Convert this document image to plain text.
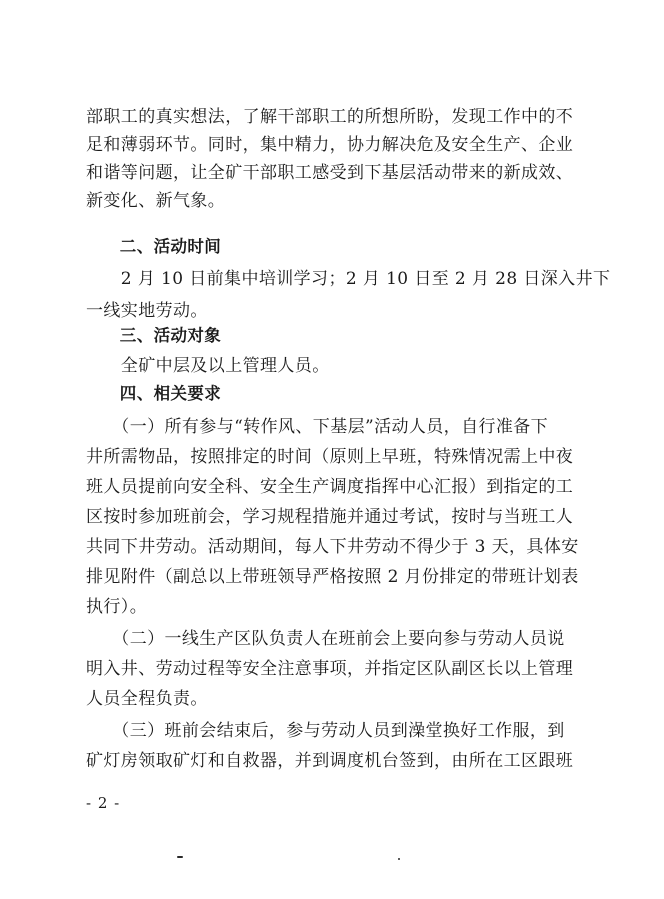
部职工的真实想法，了解干部职工的所想所盼，发现工作中的不
足和薄弱环节。同时，集中精力，协力解决危及安全生产、企业
和谐等问题，让全矿干部职工感受到下基层活动带来的新成效、
新变化、新气象。
　　二、活动时间
　　2 月 10 日前集中培训学习；2 月 10 日至 2 月 28 日深入井下
一线实地劳动。
　　三、活动对象
　　全矿中层及以上管理人员。
　　四、相关要求
　　（一）所有参与“转作风、下基层”活动人员，自行准备下
井所需物品，按照排定的时间（原则上早班，特殊情况需上中夜
班人员提前向安全科、安全生产调度指挥中心汇报）到指定的工
区按时参加班前会，学习规程措施并通过考试，按时与当班工人
共同下井劳动。活动期间，每人下井劳动不得少于 3 天，具体安
排见附件（副总以上带班领导严格按照 2 月份排定的带班计划表
执行）。
　　（二）一线生产区队负责人在班前会上要向参与劳动人员说
明入井、劳动过程等安全注意事项，并指定区队副区长以上管理
人员全程负责。
　　（三）班前会结束后，参与劳动人员到澡堂换好工作服，到
矿灯房领取矿灯和自救器，并到调度机台签到，由所在工区跟班
- 2 -
